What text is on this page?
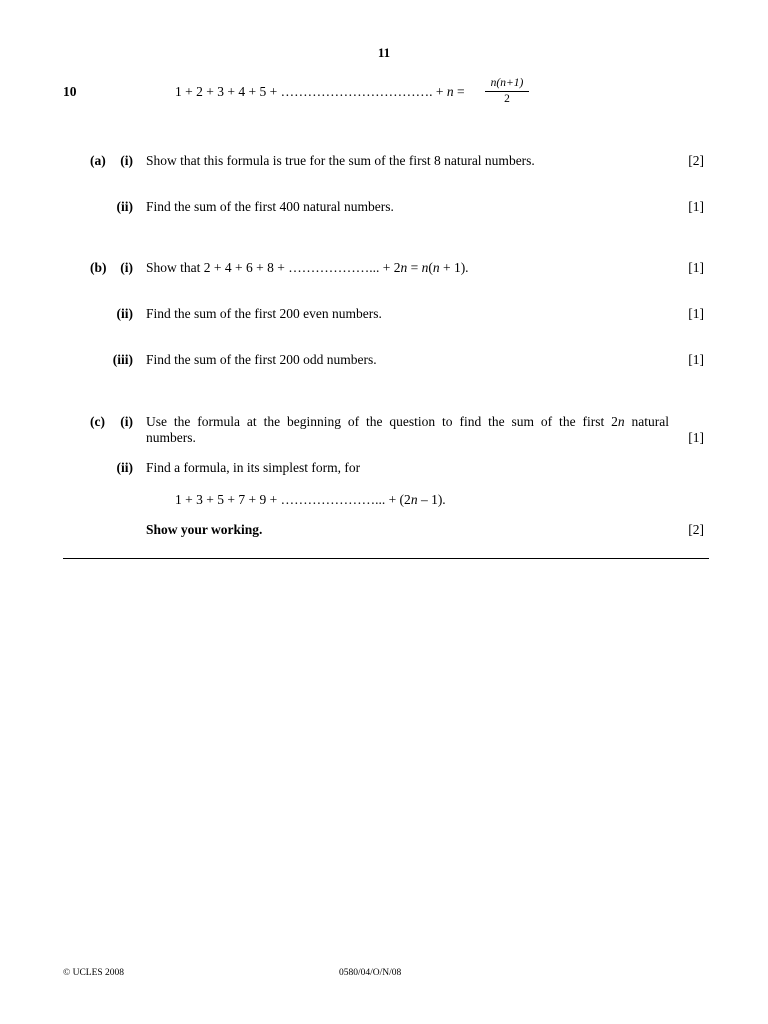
11
10	1 + 2 + 3 + 4 + 5 + ……………………………. + $n = \frac{n(n+1)}{2}$
(a)	(i) Show that this formula is true for the sum of the first 8 natural numbers.	[2]
(ii) Find the sum of the first 400 natural numbers.	[1]
(b)	(i) Show that 2 + 4 + 6 + 8 + ………………... + 2n = n(n + 1).	[1]
(ii) Find the sum of the first 200 even numbers.	[1]
(iii) Find the sum of the first 200 odd numbers.	[1]
(c)	(i) Use the formula at the beginning of the question to find the sum of the first 2n natural
numbers.	[1]
(ii) Find a formula, in its simplest form, for
1 + 3 + 5 + 7 + 9 + …………………... + (2n – 1).
Show your working.	[2]
© UCLES 2008	0580/04/O/N/08
